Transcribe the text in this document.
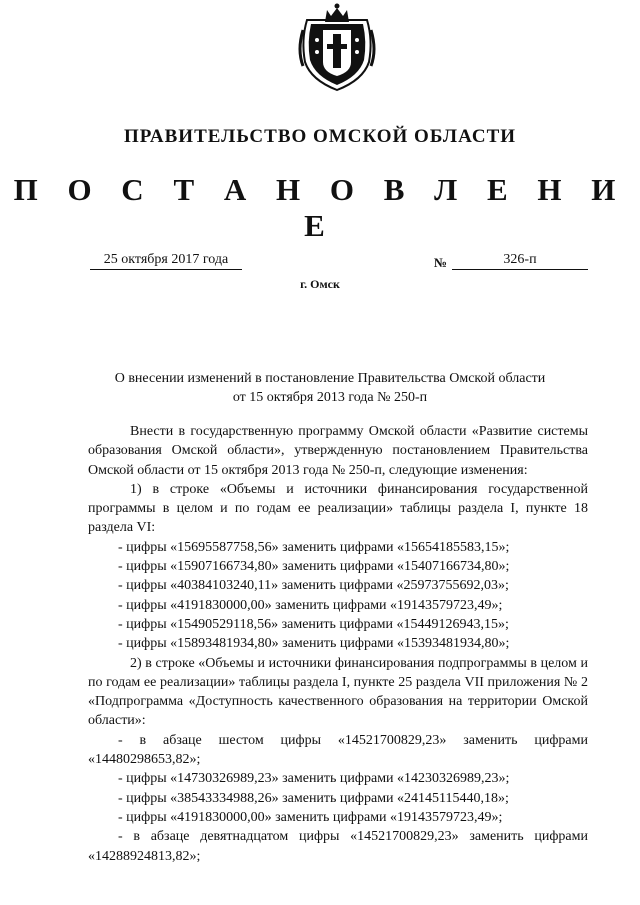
ПРАВИТЕЛЬСТВО ОМСКОЙ ОБЛАСТИ
П О С Т А Н О В Л Е Н И Е
25 октября 2017 года	№	326-п
г. Омск
О внесении изменений в постановление Правительства Омской области
от 15 октября 2013 года № 250-п

Внести в государственную программу Омской области «Развитие системы образования Омской области», утвержденную постановлением Правительства Омской области от 15 октября 2013 года № 250-п, следующие изменения:

1) в строке «Объемы и источники финансирования государственной программы в целом и по годам ее реализации» таблицы раздела I, пункте 18 раздела VI:

- цифры «15695587758,56» заменить цифрами «15654185583,15»;

- цифры «15907166734,80» заменить цифрами «15407166734,80»;

- цифры «40384103240,11» заменить цифрами «25973755692,03»;

- цифры «4191830000,00» заменить цифрами «19143579723,49»;

- цифры «15490529118,56» заменить цифрами «15449126943,15»;

- цифры «15893481934,80» заменить цифрами «15393481934,80»;

2) в строке «Объемы и источники финансирования подпрограммы в целом и по годам ее реализации» таблицы раздела I, пункте 25 раздела VII приложения № 2 «Подпрограмма «Доступность качественного образования на территории Омской области»:

- в абзаце шестом цифры «14521700829,23» заменить цифрами «14480298653,82»;

- цифры «14730326989,23» заменить цифрами «14230326989,23»;

- цифры «38543334988,26» заменить цифрами «24145115440,18»;

- цифры «4191830000,00» заменить цифрами «19143579723,49»;

- в абзаце девятнадцатом цифры «14521700829,23» заменить цифрами «14288924813,82»;
